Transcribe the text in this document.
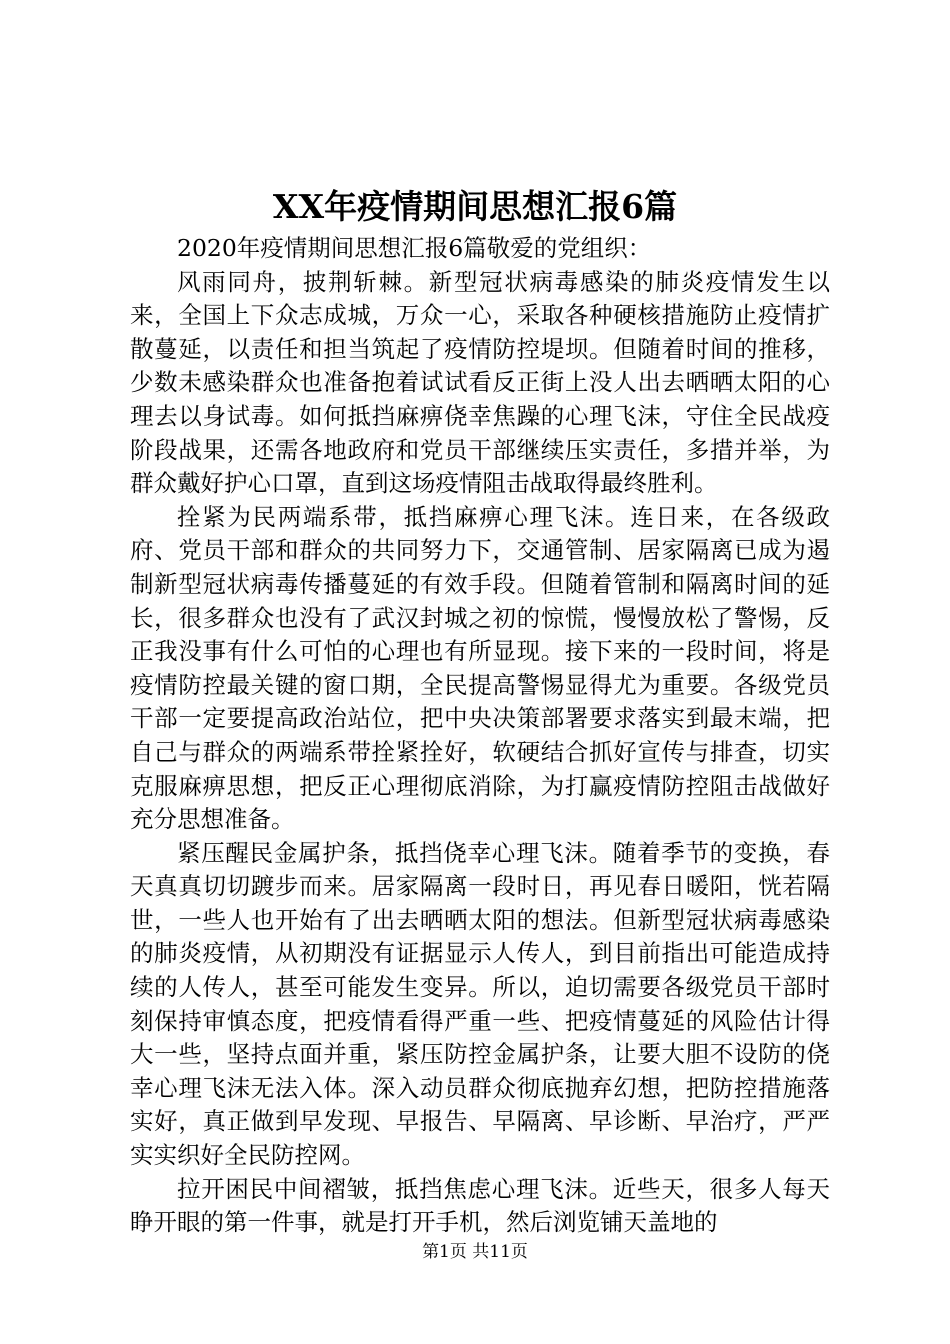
XX年疫情期间思想汇报6篇

2020年疫情期间思想汇报6篇敬爱的党组织：

风雨同舟，披荆斩棘。新型冠状病毒感染的肺炎疫情发生以来，全国上下众志成城，万众一心，采取各种硬核措施防止疫情扩散蔓延，以责任和担当筑起了疫情防控堤坝。但随着时间的推移，少数未感染群众也准备抱着试试看反正街上没人出去晒晒太阳的心理去以身试毒。如何抵挡麻痹侥幸焦躁的心理飞沫，守住全民战疫阶段战果，还需各地政府和党员干部继续压实责任，多措并举，为群众戴好护心口罩，直到这场疫情阻击战取得最终胜利。

拴紧为民两端系带，抵挡麻痹心理飞沫。连日来，在各级政府、党员干部和群众的共同努力下，交通管制、居家隔离已成为遏制新型冠状病毒传播蔓延的有效手段。但随着管制和隔离时间的延长，很多群众也没有了武汉封城之初的惊慌，慢慢放松了警惕，反正我没事有什么可怕的心理也有所显现。接下来的一段时间，将是疫情防控最关键的窗口期，全民提高警惕显得尤为重要。各级党员干部一定要提高政治站位，把中央决策部署要求落实到最末端，把自己与群众的两端系带拴紧拴好，软硬结合抓好宣传与排查，切实克服麻痹思想，把反正心理彻底消除，为打赢疫情防控阻击战做好充分思想准备。

紧压醒民金属护条，抵挡侥幸心理飞沫。随着季节的变换，春天真真切切踱步而来。居家隔离一段时日，再见春日暖阳，恍若隔世，一些人也开始有了出去晒晒太阳的想法。但新型冠状病毒感染的肺炎疫情，从初期没有证据显示人传人，到目前指出可能造成持续的人传人，甚至可能发生变异。所以，迫切需要各级党员干部时刻保持审慎态度，把疫情看得严重一些、把疫情蔓延的风险估计得大一些，坚持点面并重，紧压防控金属护条，让要大胆不设防的侥幸心理飞沫无法入体。深入动员群众彻底抛弃幻想，把防控措施落实好，真正做到早发现、早报告、早隔离、早诊断、早治疗，严严实实织好全民防控网。

拉开困民中间褶皱，抵挡焦虑心理飞沫。近些天，很多人每天睁开眼的第一件事，就是打开手机，然后浏览铺天盖地的

第1页 共11页
